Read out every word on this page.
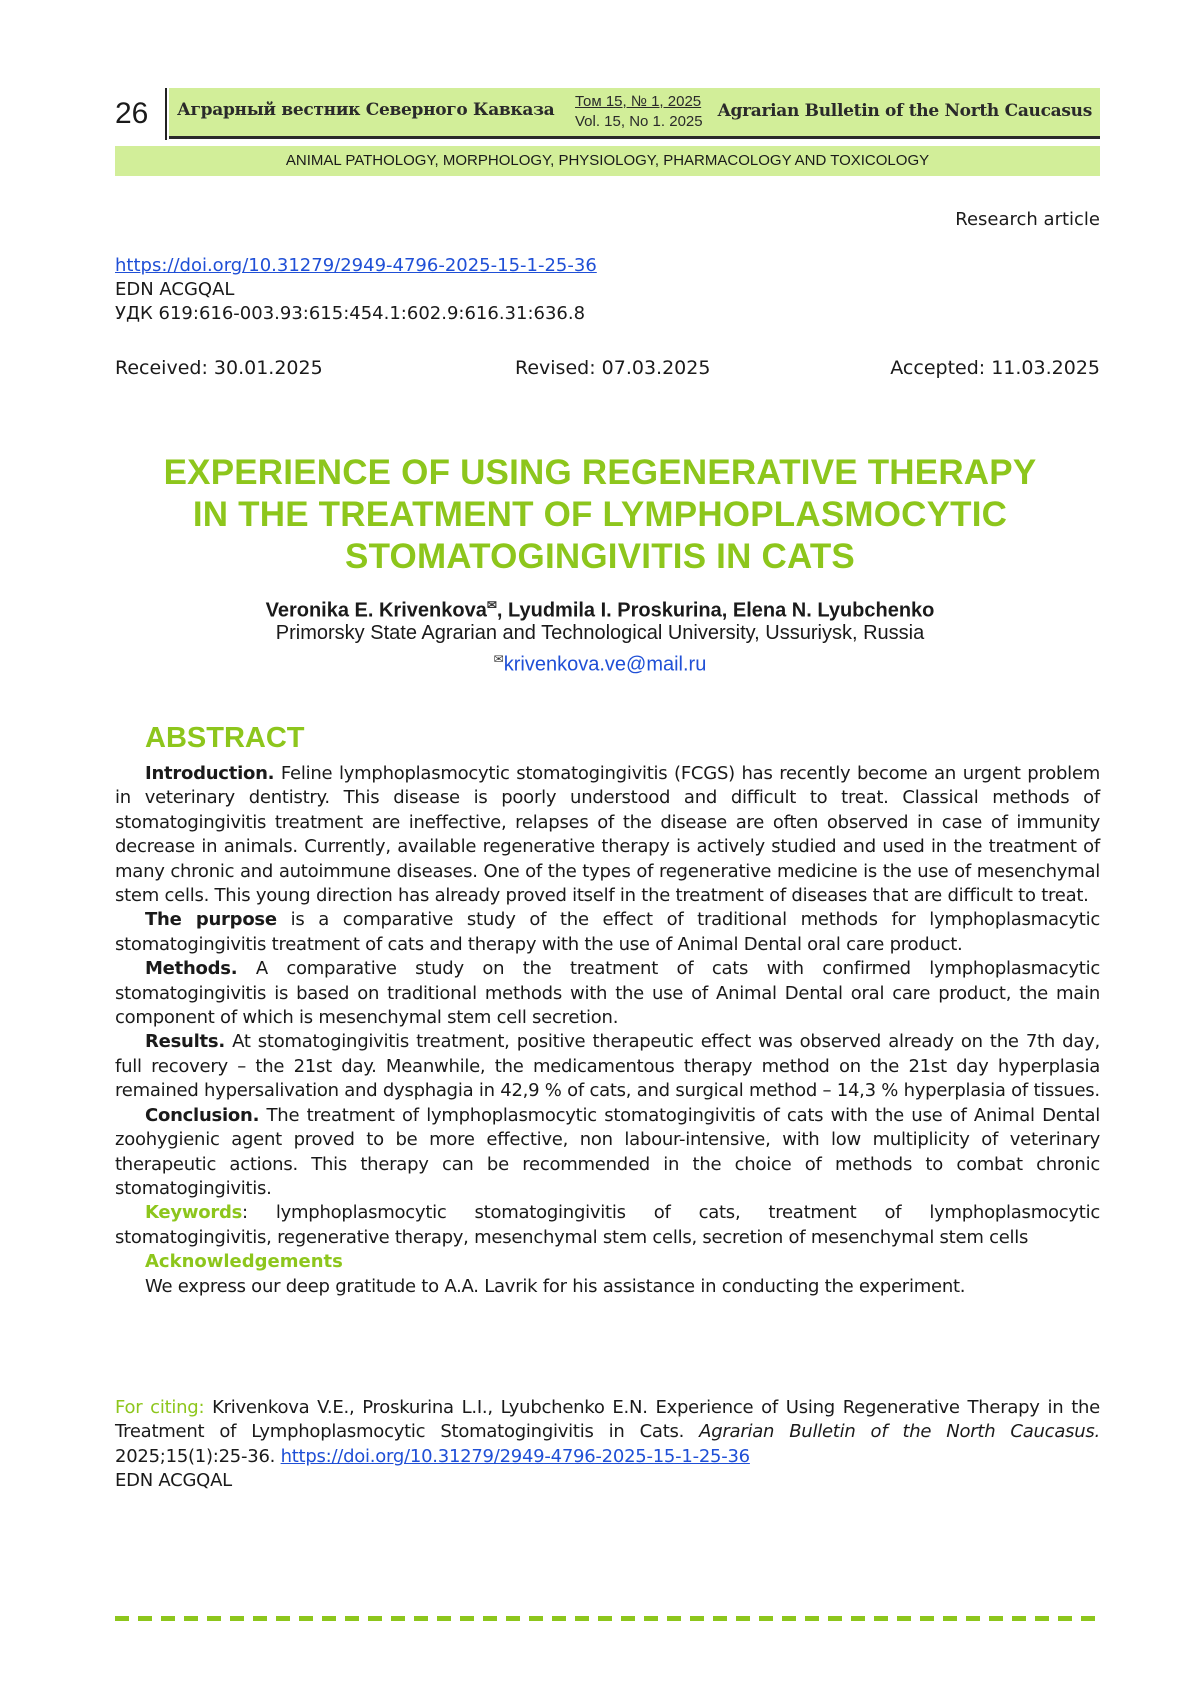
26	Аграрный вестник Северного Кавказа Том 15, № 1, 2025
Vol. 15, No 1. 2025
Agrarian Bulletin of the North Caucasus
ANIMAL PATHOLOGY, MORPHOLOGY, PHYSIOLOGY, PHARMACOLOGY AND TOXICOLOGY
Research article
https://doi.org/10.31279/2949-4796-2025-15-1-25-36
EDN ACGQAL
УДК 619:616-003.93:615:454.1:602.9:616.31:636.8
Received: 30.01.2025	Revised: 07.03.2025	Accepted: 11.03.2025
EXPERIENCE OF USING REGENERATIVE THERAPY
IN THE TREATMENT OF LYMPHOPLASMOCYTIC
STOMATOGINGIVITIS IN CATS
Veronika E. Krivenkova✉, Lyudmila I. Proskurina, Elena N. Lyubchenko
Primorsky State Agrarian and Technological University, Ussuriysk, Russia
✉krivenkova.ve@mail.ru
ABSTRACT

Introduction. Feline lymphoplasmocytic stomatogingivitis (FCGS) has recently become an urgent problem in veterinary dentistry. This disease is poorly understood and difficult to treat. Classical methods of stomatogingivitis treatment are ineffective, relapses of the disease are often observed in case of immunity decrease in animals. Currently, available regenerative therapy is actively studied and used in the treatment of many chronic and autoimmune diseases. One of the types of regenerative medicine is the use of mesenchymal stem cells. This young direction has already proved itself in the treatment of diseases that are difficult to treat.

The purpose is a comparative study of the effect of traditional methods for lymphoplasmacytic stomatogingivitis treatment of cats and therapy with the use of Animal Dental oral care product.

Methods. A comparative study on the treatment of cats with confirmed lymphoplasmacytic stomatogingivitis is based on traditional methods with the use of Animal Dental oral care product, the main component of which is mesenchymal stem cell secretion.

Results. At stomatogingivitis treatment, positive therapeutic effect was observed already on the 7th day, full recovery – the 21st day. Meanwhile, the medicamentous therapy method on the 21st day hyperplasia remained hypersalivation and dysphagia in 42,9 % of cats, and surgical method – 14,3 % hyperplasia of tissues.

Conclusion. The treatment of lymphoplasmocytic stomatogingivitis of cats with the use of Animal Dental zoohygienic agent proved to be more effective, non labour-intensive, with low multiplicity of veterinary therapeutic actions. This therapy can be recommended in the choice of methods to combat chronic stomatogingivitis.

Keywords: lymphoplasmocytic stomatogingivitis of cats, treatment of lymphoplasmocytic stomatogingivitis, regenerative therapy, mesenchymal stem cells, secretion of mesenchymal stem cells

Acknowledgements
We express our deep gratitude to A.A. Lavrik for his assistance in conducting the experiment.
For citing: Krivenkova V.E., Proskurina L.I., Lyubchenko E.N. Experience of Using Regenerative Therapy in the Treatment of Lymphoplasmocytic Stomatogingivitis in Cats. Agrarian Bulletin of the North Caucasus. 2025;15(1):25-36. https://doi.org/10.31279/2949-4796-2025-15-1-25-36
EDN ACGQAL
